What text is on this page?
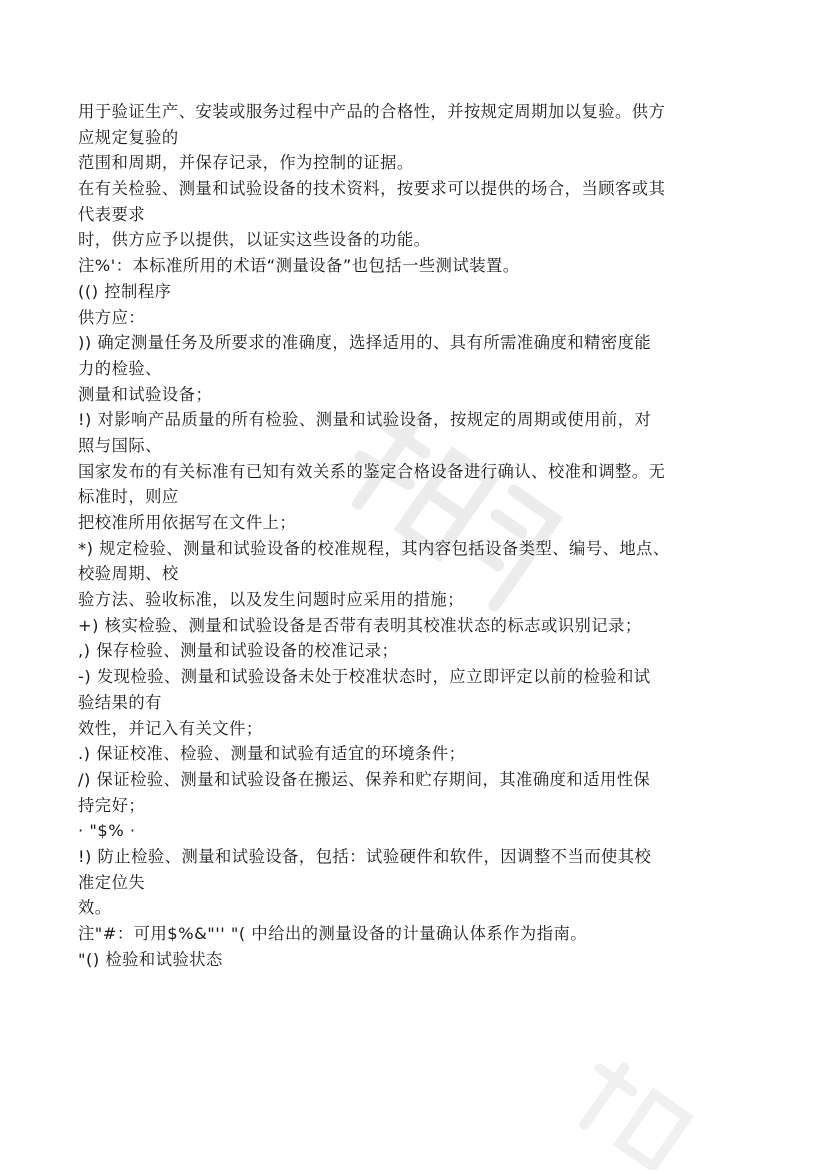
用于验证生产、安装或服务过程中产品的合格性，并按规定周期加以复验。供方
应规定复验的
范围和周期，并保存记录，作为控制的证据。
在有关检验、测量和试验设备的技术资料，按要求可以提供的场合，当顾客或其
代表要求
时，供方应予以提供，以证实这些设备的功能。
注%'：本标准所用的术语“测量设备”也包括一些测试装置。
(() 控制程序
供方应：
)) 确定测量任务及所要求的准确度，选择适用的、具有所需准确度和精密度能
力的检验、
测量和试验设备；
!) 对影响产品质量的所有检验、测量和试验设备，按规定的周期或使用前，对
照与国际、
国家发布的有关标准有已知有效关系的鉴定合格设备进行确认、校准和调整。无
标准时，则应
把校准所用依据写在文件上；
*) 规定检验、测量和试验设备的校准规程，其内容包括设备类型、编号、地点、
校验周期、校
验方法、验收标准，以及发生问题时应采用的措施；
+) 核实检验、测量和试验设备是否带有表明其校准状态的标志或识别记录；
,) 保存检验、测量和试验设备的校准记录；
-) 发现检验、测量和试验设备未处于校准状态时，应立即评定以前的检验和试
验结果的有
效性，并记入有关文件；
.) 保证校准、检验、测量和试验有适宜的环境条件；
/) 保证检验、测量和试验设备在搬运、保养和贮存期间，其准确度和适用性保
持完好；
· "$% ·
!) 防止检验、测量和试验设备，包括：试验硬件和软件，因调整不当而使其校
准定位失
效。
注"#：可用$%&"'' "( 中给出的测量设备的计量确认体系作为指南。
"() 检验和试验状态
